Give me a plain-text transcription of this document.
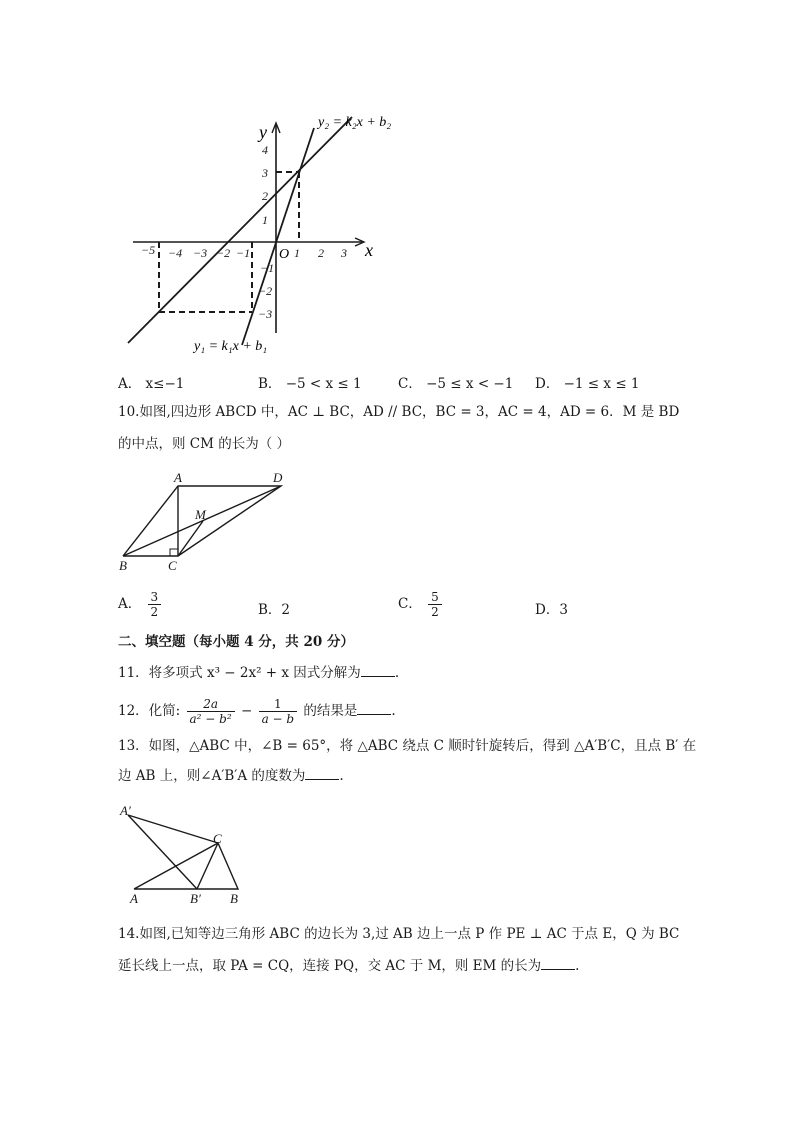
−5 −4 −3 −2 −1	1 2 3
4
3
2
1
−1
−2
−3
O	x
y	y₂ = k₂x + b₂
y₁ = k₁x + b₁
A． x≤−1	B． −5 < x ≤ 1	C． −5 ≤ x < −1 D． −1 ≤ x ≤ 1
10.如图,四边形 ABCD 中，AC ⊥ BC，AD // BC，BC = 3，AC = 4，AD = 6．M 是 BD
的中点，则 CM 的长为（ ）
A	D
M
B	C
A． $\frac{3}{2}$	B．2	C． $\frac{5}{2}$	D．3
二、填空题（每小题 4 分，共 20 分）
11．将多项式 x³ − 2x² + x 因式分解为	.
12．化简: $\frac{2a}{\text{a² − b²}} - \frac{1}{a - b}$ 的结果是	.
13．如图，△ABC 中，∠B = 65°，将 △ABC 绕点 C 顺时针旋转后，得到 △A′B′C，且点 B′ 在
边 AB 上，则∠A′B′A 的度数为	.
A′
C
A	B′ B
14.如图,已知等边三角形 ABC 的边长为 3,过 AB 边上一点 P 作 PE ⊥ AC 于点 E，Q 为 BC
延长线上一点，取 PA = CQ，连接 PQ，交 AC 于 M，则 EM 的长为	.
